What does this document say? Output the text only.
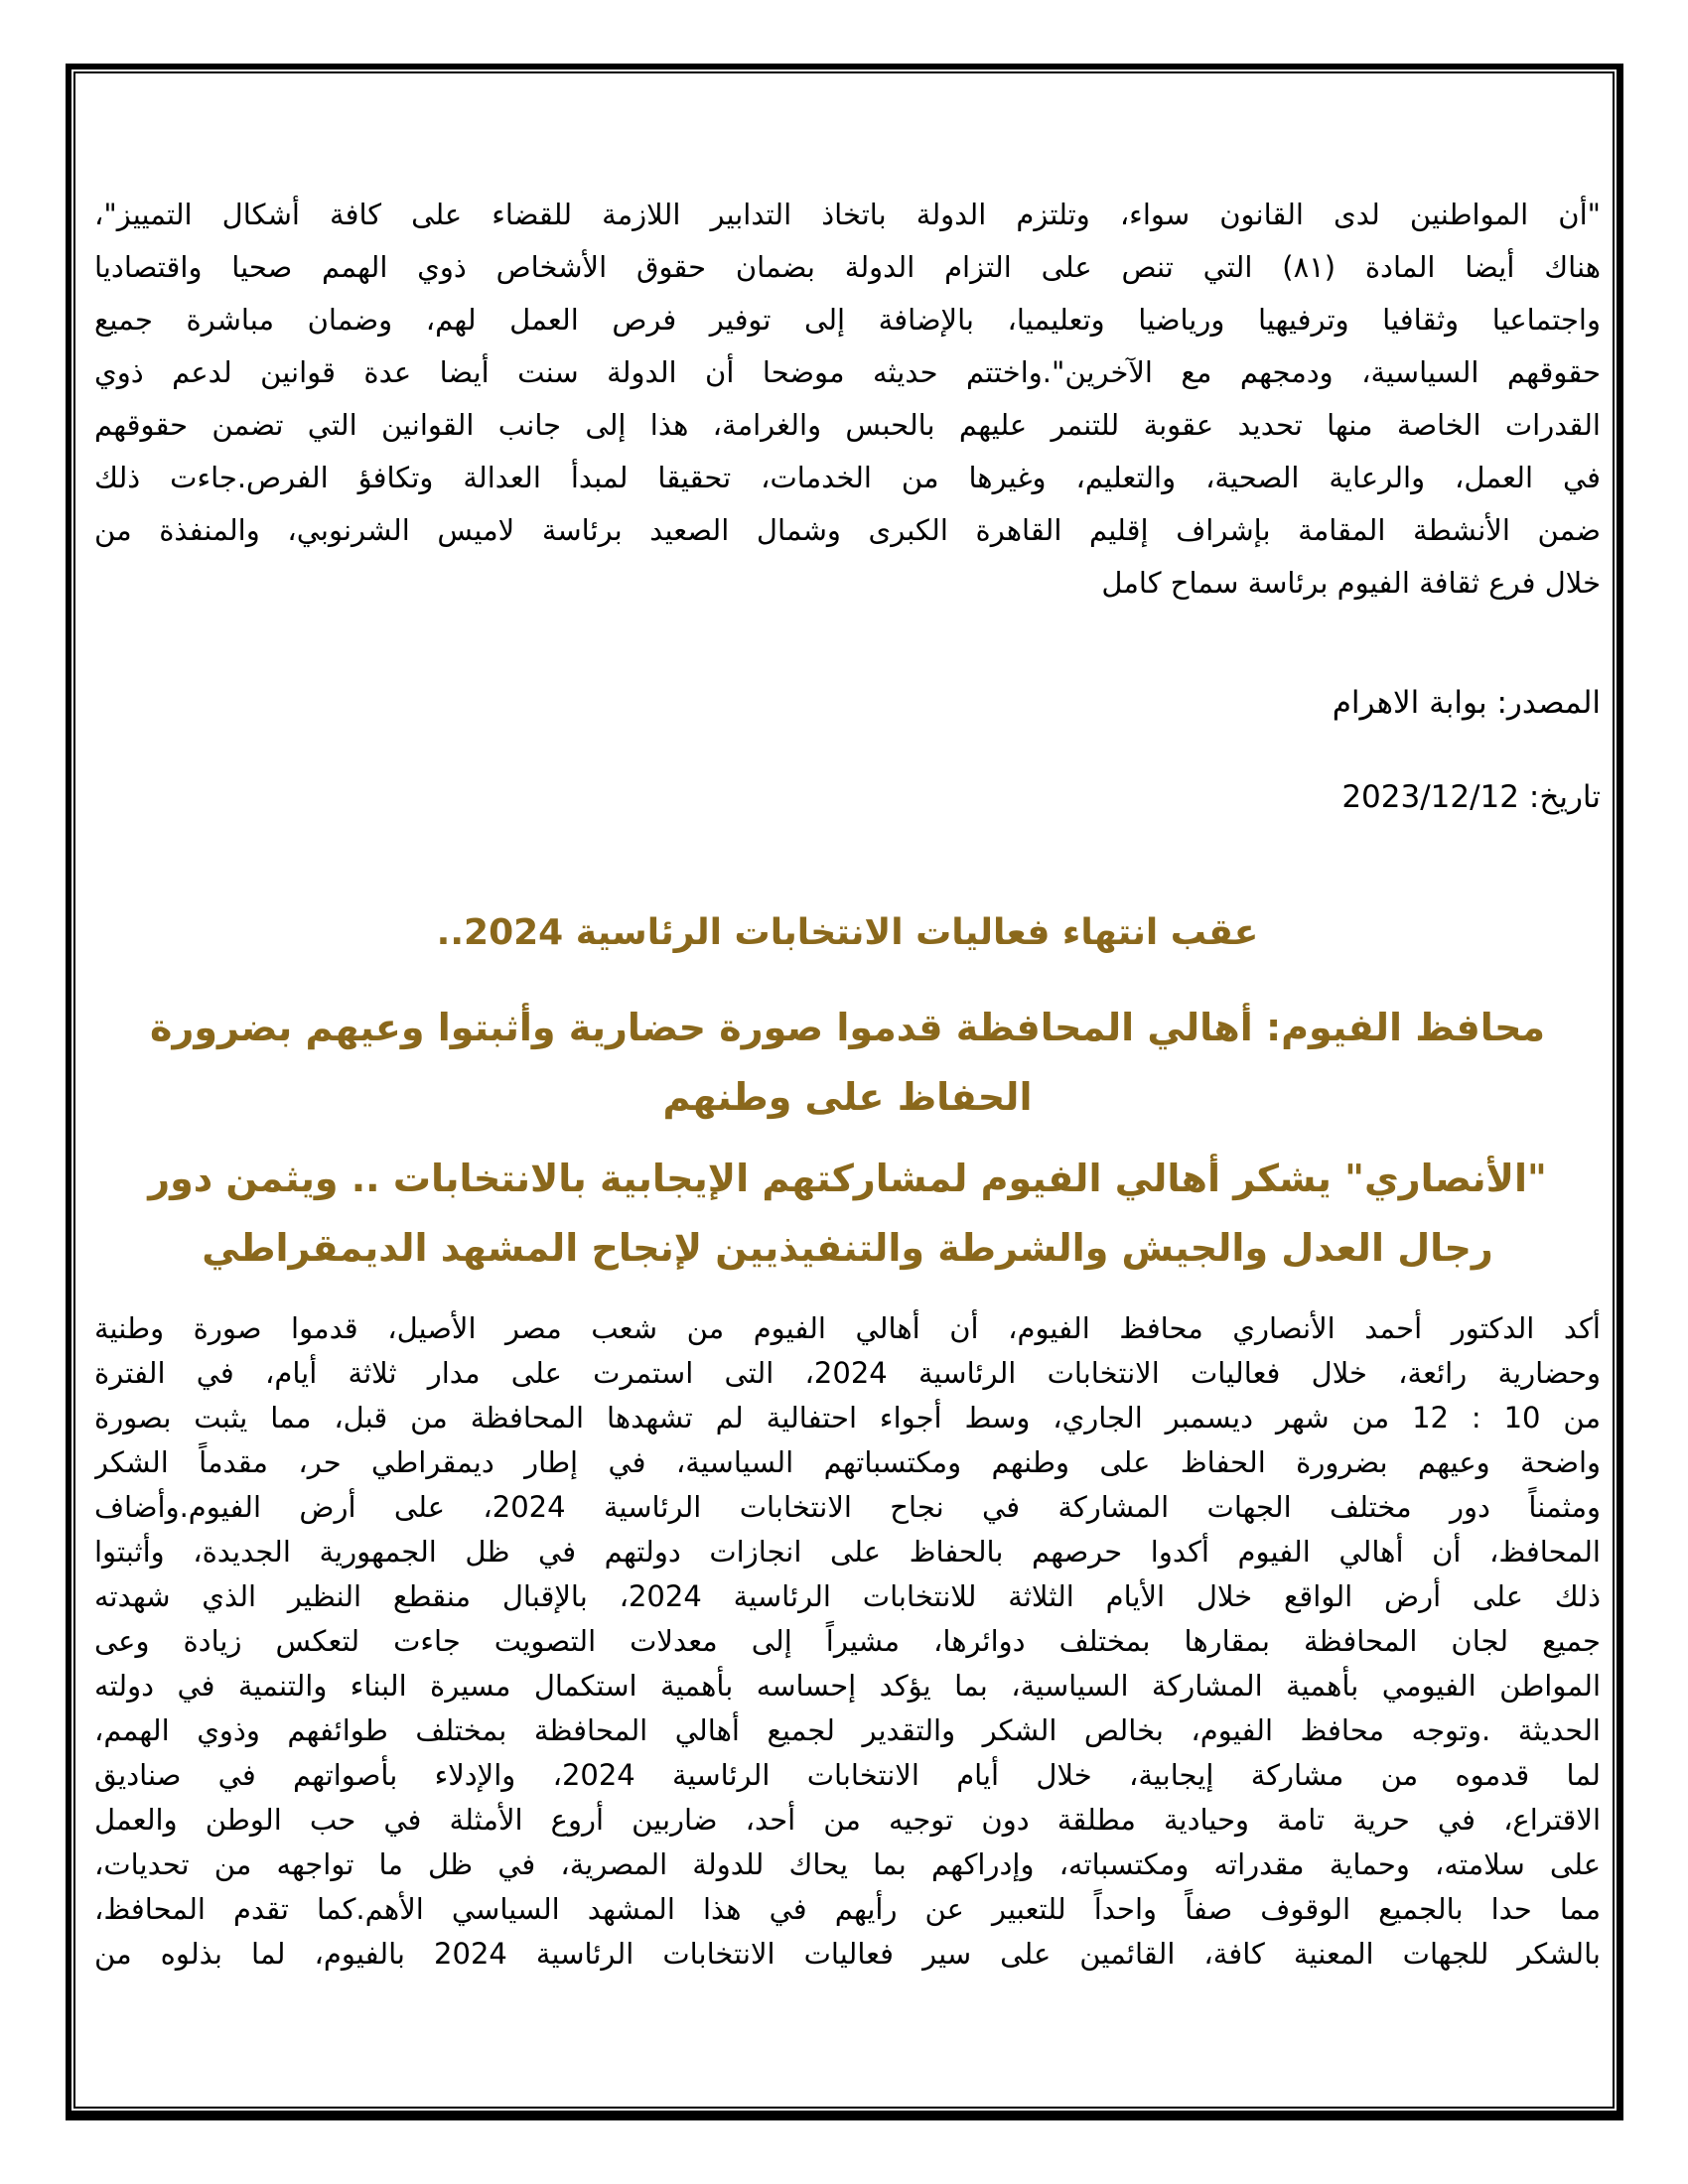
"أن المواطنين لدى القانون سواء، وتلتزم الدولة باتخاذ التدابير اللازمة للقضاء على كافة أشكال التمييز"،
هناك أيضا المادة (٨١) التي تنص على التزام الدولة بضمان حقوق الأشخاص ذوي الهمم صحيا واقتصاديا
واجتماعيا وثقافيا وترفيهيا ورياضيا وتعليميا، بالإضافة إلى توفير فرص العمل لهم، وضمان مباشرة جميع
حقوقهم السياسية، ودمجهم مع الآخرين".واختتم حديثه موضحا أن الدولة سنت أيضا عدة قوانين لدعم ذوي
القدرات الخاصة منها تحديد عقوبة للتنمر عليهم بالحبس والغرامة، هذا إلى جانب القوانين التي تضمن حقوقهم
في العمل، والرعاية الصحية، والتعليم، وغيرها من الخدمات، تحقيقا لمبدأ العدالة وتكافؤ الفرص.جاءت ذلك
ضمن الأنشطة المقامة بإشراف إقليم القاهرة الكبرى وشمال الصعيد برئاسة لاميس الشرنوبي، والمنفذة من
خلال فرع ثقافة الفيوم برئاسة سماح كامل
المصدر: بوابة الاهرام
تاريخ: 2023/12/12
عقب انتهاء فعاليات الانتخابات الرئاسية 2024..
محافظ الفيوم: أهالي المحافظة قدموا صورة حضارية وأثبتوا وعيهم بضرورة
الحفاظ على وطنهم
"الأنصاري" يشكر أهالي الفيوم لمشاركتهم الإيجابية بالانتخابات .. ويثمن دور
رجال العدل والجيش والشرطة والتنفيذيين لإنجاح المشهد الديمقراطي
أكد الدكتور أحمد الأنصاري محافظ الفيوم، أن أهالي الفيوم من شعب مصر الأصيل، قدموا صورة وطنية
وحضارية رائعة، خلال فعاليات الانتخابات الرئاسية 2024، التى استمرت على مدار ثلاثة أيام، في الفترة
من 10 : 12 من شهر ديسمبر الجاري، وسط أجواء احتفالية لم تشهدها المحافظة من قبل، مما يثبت بصورة
واضحة وعيهم بضرورة الحفاظ على وطنهم ومكتسباتهم السياسية، في إطار ديمقراطي حر، مقدماً الشكر
ومثمناً دور مختلف الجهات المشاركة في نجاح الانتخابات الرئاسية 2024، على أرض الفيوم.وأضاف
المحافظ، أن أهالي الفيوم أكدوا حرصهم بالحفاظ على انجازات دولتهم في ظل الجمهورية الجديدة، وأثبتوا
ذلك على أرض الواقع خلال الأيام الثلاثة للانتخابات الرئاسية 2024، بالإقبال منقطع النظير الذي شهدته
جميع لجان المحافظة بمقارها بمختلف دوائرها، مشيراً إلى معدلات التصويت جاءت لتعكس زيادة وعى
المواطن الفيومي بأهمية المشاركة السياسية، بما يؤكد إحساسه بأهمية استكمال مسيرة البناء والتنمية في دولته
الحديثة .وتوجه محافظ الفيوم، بخالص الشكر والتقدير لجميع أهالي المحافظة بمختلف طوائفهم وذوي الهمم،
لما قدموه من مشاركة إيجابية، خلال أيام الانتخابات الرئاسية 2024، والإدلاء بأصواتهم في صناديق
الاقتراع، في حرية تامة وحيادية مطلقة دون توجيه من أحد، ضاربين أروع الأمثلة في حب الوطن والعمل
على سلامته، وحماية مقدراته ومكتسباته، وإدراكهم بما يحاك للدولة المصرية، في ظل ما تواجهه من تحديات،
مما حدا بالجميع الوقوف صفاً واحداً للتعبير عن رأيهم في هذا المشهد السياسي الأهم.كما تقدم المحافظ،
بالشكر للجهات المعنية كافة، القائمين على سير فعاليات الانتخابات الرئاسية 2024 بالفيوم، لما بذلوه من
